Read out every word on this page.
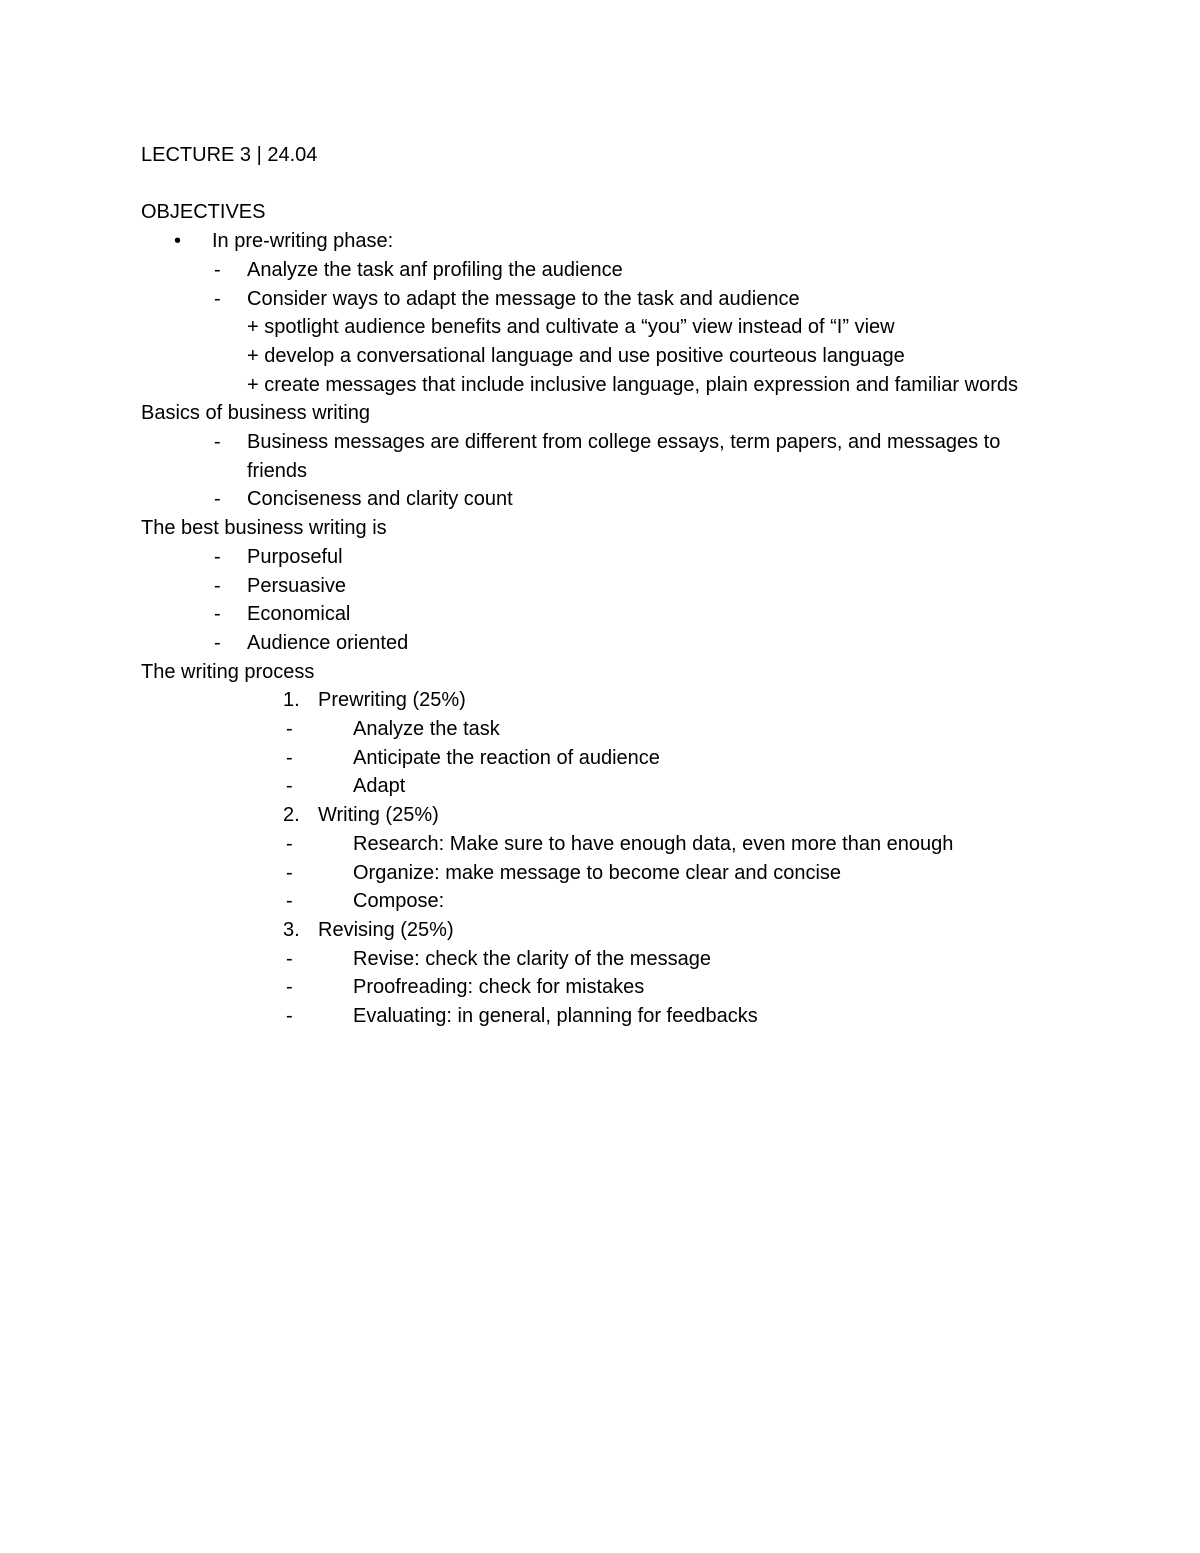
LECTURE 3 | 24.04
OBJECTIVES
•	In pre-writing phase:
- Analyze the task anf profiling the audience
- Consider ways to adapt the message to the task and audience
+ spotlight audience benefits and cultivate a “you” view instead of “I” view
+ develop a conversational language and use positive courteous language
+ create messages that include inclusive language, plain expression and familiar words
Basics of business writing
- Business messages are different from college essays, term papers, and messages to friends
- Conciseness and clarity count
The best business writing is
- Purposeful
- Persuasive
- Economical
- Audience oriented
The writing process
1. Prewriting (25%)
-	Analyze the task
-	Anticipate the reaction of audience
-	Adapt
2. Writing (25%)
-	Research: Make sure to have enough data, even more than enough
-	Organize: make message to become clear and concise
-	Compose:
3. Revising (25%)
-	Revise: check the clarity of the message
-	Proofreading: check for mistakes
-	Evaluating: in general, planning for feedbacks
